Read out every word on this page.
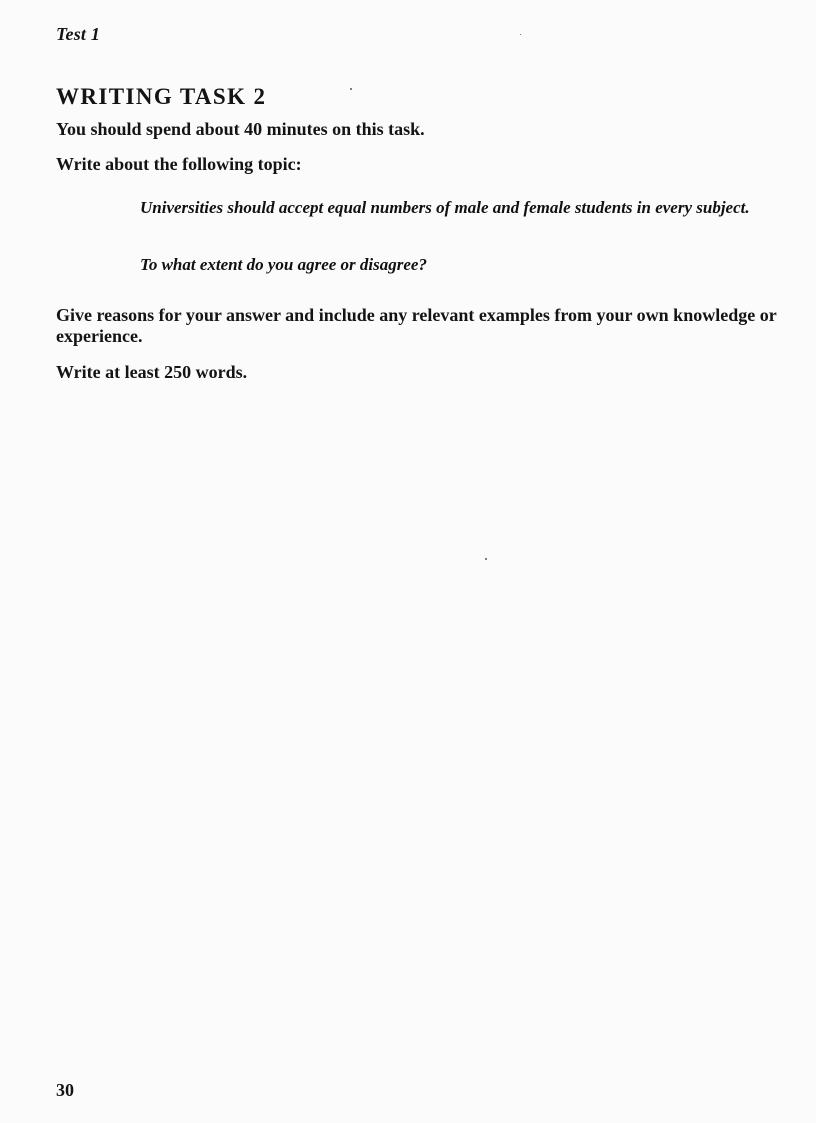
Test 1
WRITING TASK 2
You should spend about 40 minutes on this task.
Write about the following topic:
Universities should accept equal numbers of male and female students in every subject.
To what extent do you agree or disagree?
Give reasons for your answer and include any relevant examples from your own knowledge or experience.
Write at least 250 words.
30
